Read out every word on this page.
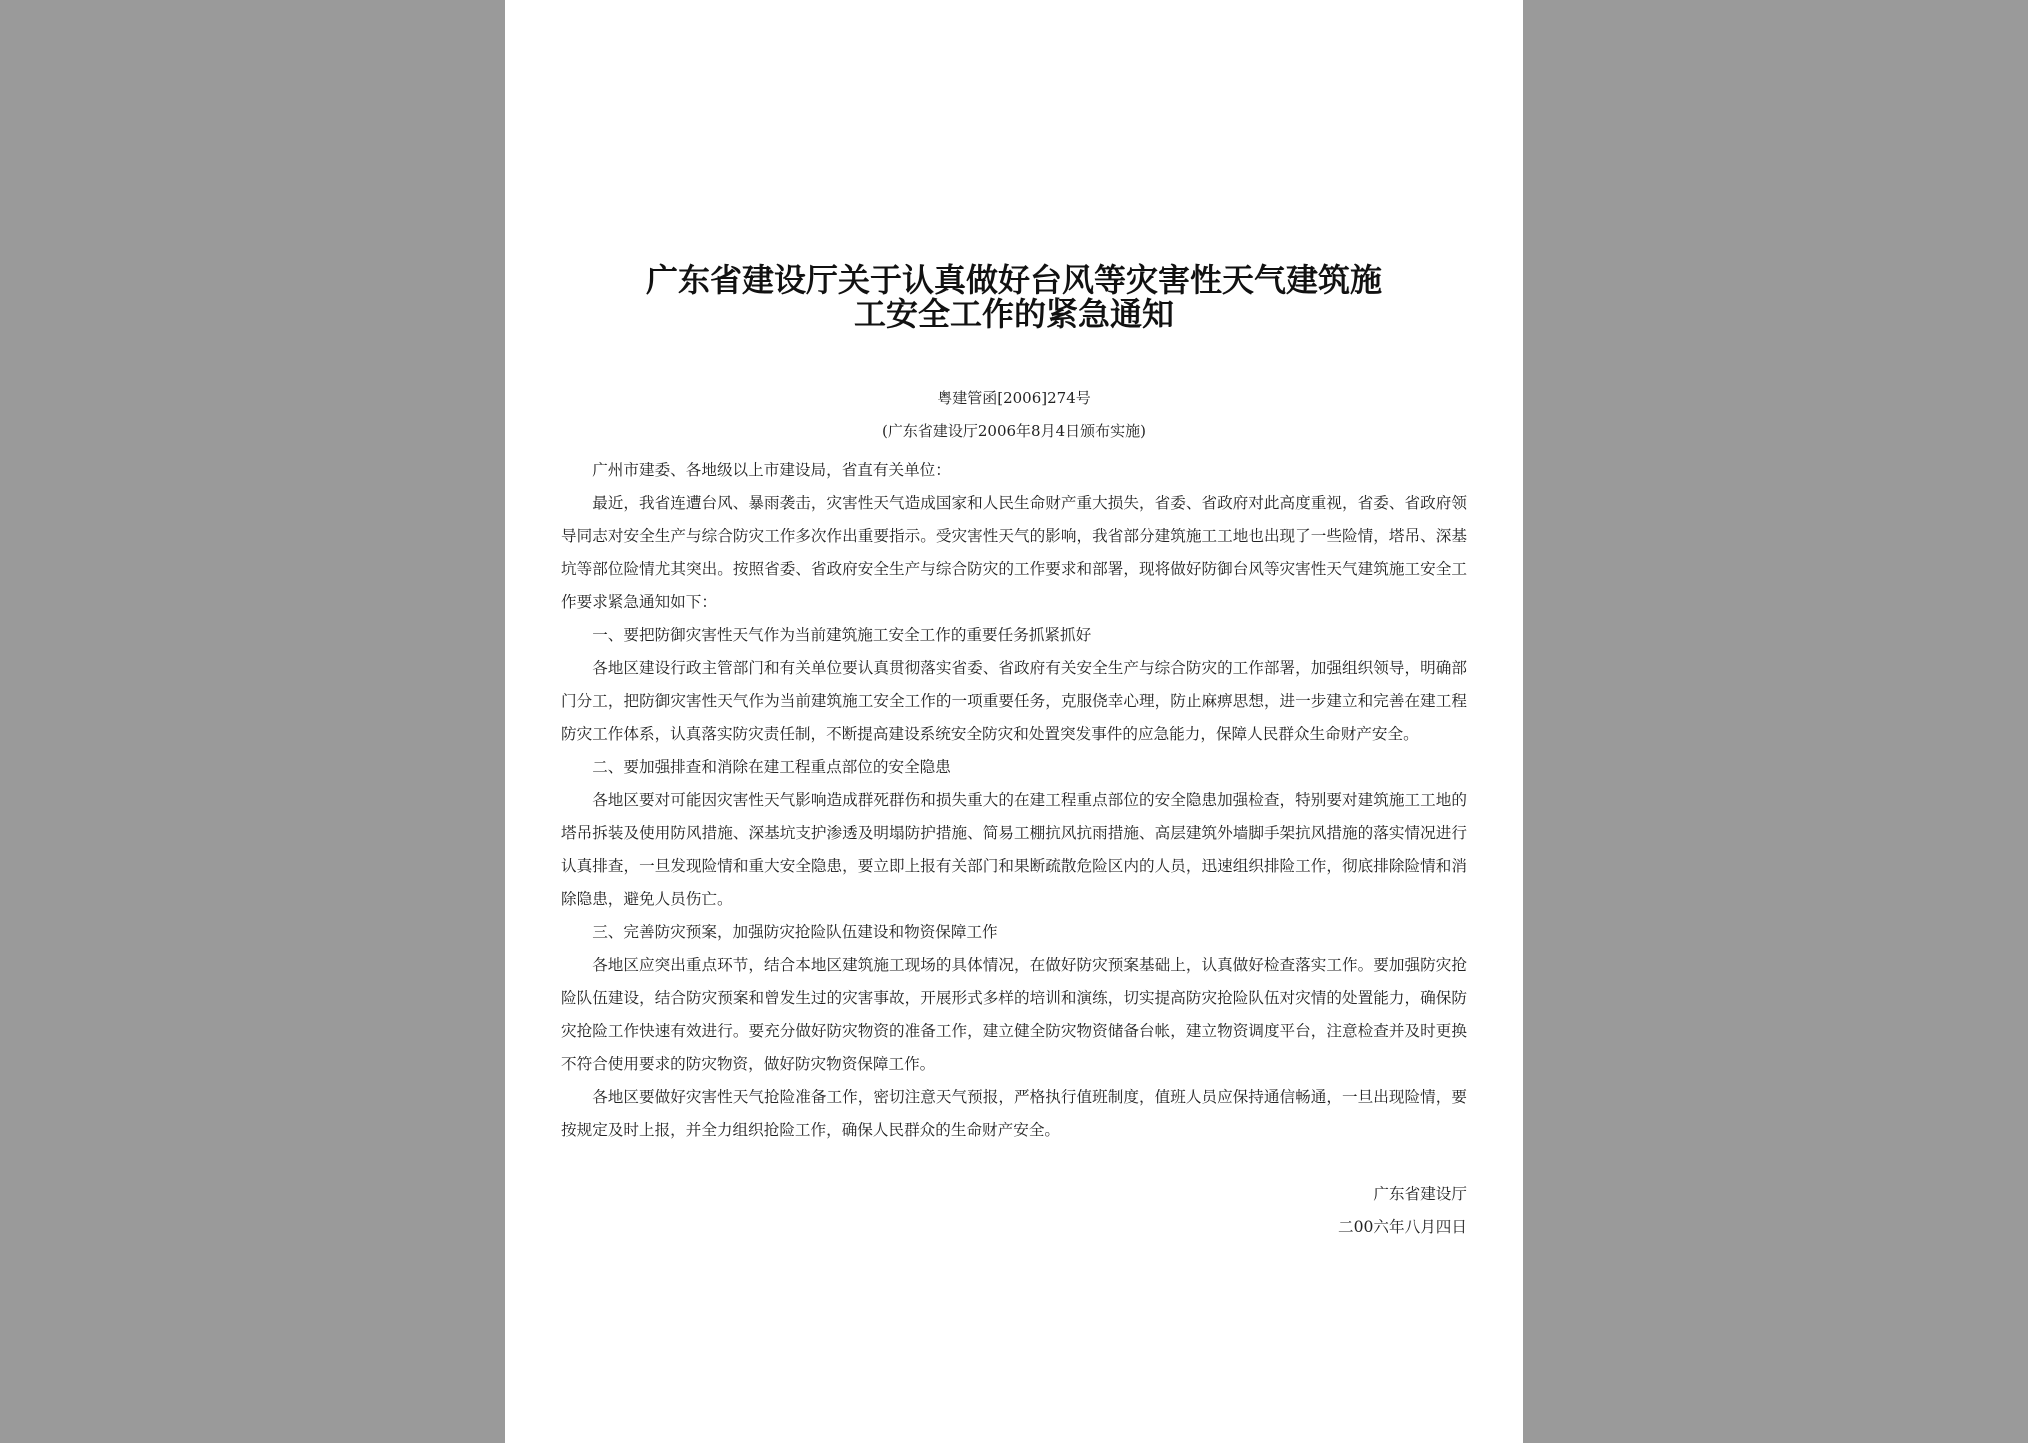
广东省建设厅关于认真做好台风等灾害性天气建筑施
工安全工作的紧急通知
粤建管函[2006]274号
(广东省建设厅2006年8月4日颁布实施)

广州市建委、各地级以上市建设局，省直有关单位：

最近，我省连遭台风、暴雨袭击，灾害性天气造成国家和人民生命财产重大损失，省委、省政府对此高度重视，省委、省政府领导同志对安全生产与综合防灾工作多次作出重要指示。受灾害性天气的影响，我省部分建筑施工工地也出现了一些险情，塔吊、深基坑等部位险情尤其突出。按照省委、省政府安全生产与综合防灾的工作要求和部署，现将做好防御台风等灾害性天气建筑施工安全工作要求紧急通知如下：

一、要把防御灾害性天气作为当前建筑施工安全工作的重要任务抓紧抓好

各地区建设行政主管部门和有关单位要认真贯彻落实省委、省政府有关安全生产与综合防灾的工作部署，加强组织领导，明确部门分工，把防御灾害性天气作为当前建筑施工安全工作的一项重要任务，克服侥幸心理，防止麻痹思想，进一步建立和完善在建工程防灾工作体系，认真落实防灾责任制，不断提高建设系统安全防灾和处置突发事件的应急能力，保障人民群众生命财产安全。

二、要加强排查和消除在建工程重点部位的安全隐患

各地区要对可能因灾害性天气影响造成群死群伤和损失重大的在建工程重点部位的安全隐患加强检查，特别要对建筑施工工地的塔吊拆装及使用防风措施、深基坑支护渗透及明塌防护措施、简易工棚抗风抗雨措施、高层建筑外墙脚手架抗风措施的落实情况进行认真排查，一旦发现险情和重大安全隐患，要立即上报有关部门和果断疏散危险区内的人员，迅速组织排险工作，彻底排除险情和消除隐患，避免人员伤亡。

三、完善防灾预案，加强防灾抢险队伍建设和物资保障工作

各地区应突出重点环节，结合本地区建筑施工现场的具体情况，在做好防灾预案基础上，认真做好检查落实工作。要加强防灾抢险队伍建设，结合防灾预案和曾发生过的灾害事故，开展形式多样的培训和演练，切实提高防灾抢险队伍对灾情的处置能力，确保防灾抢险工作快速有效进行。要充分做好防灾物资的准备工作，建立健全防灾物资储备台帐，建立物资调度平台，注意检查并及时更换不符合使用要求的防灾物资，做好防灾物资保障工作。

各地区要做好灾害性天气抢险准备工作，密切注意天气预报，严格执行值班制度，值班人员应保持通信畅通，一旦出现险情，要按规定及时上报，并全力组织抢险工作，确保人民群众的生命财产安全。

广东省建设厅
二00六年八月四日
